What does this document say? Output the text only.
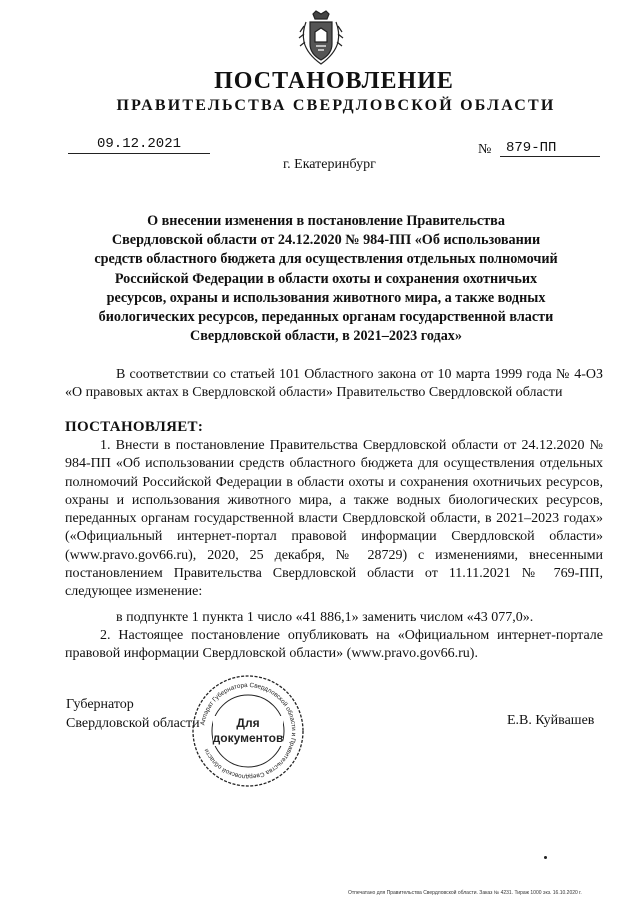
ПОСТАНОВЛЕНИЕ
ПРАВИТЕЛЬСТВА СВЕРДЛОВСКОЙ ОБЛАСТИ
09.12.2021	№	879-ПП
г. Екатеринбург
О внесении изменения в постановление Правительства
Свердловской области от 24.12.2020 № 984-ПП «Об использовании
средств областного бюджета для осуществления отдельных полномочий
Российской Федерации в области охоты и сохранения охотничьих
ресурсов, охраны и использования животного мира, а также водных
биологических ресурсов, переданных органам государственной власти
Свердловской области, в 2021–2023 годах»
В соответствии со статьей 101 Областного закона от 10 марта 1999 года № 4-ОЗ «О правовых актах в Свердловской области» Правительство Свердловской области
ПОСТАНОВЛЯЕТ:
1. Внести в постановление Правительства Свердловской области от 24.12.2020 № 984-ПП «Об использовании средств областного бюджета для осуществления отдельных полномочий Российской Федерации в области охоты и сохранения охотничьих ресурсов, охраны и использования животного мира, а также водных биологических ресурсов, переданных органам государственной власти Свердловской области, в 2021–2023 годах» («Официальный интернет-портал правовой информации Свердловской области» (www.pravo.gov66.ru), 2020, 25 декабря, № 28729) с изменениями, внесенными постановлением Правительства Свердловской области от 11.11.2021 № 769-ПП, следующее изменение:
в подпункте 1 пункта 1 число «41 886,1» заменить числом «43 077,0».
2. Настоящее постановление опубликовать на «Официальном интернет-портале правовой информации Свердловской области» (www.pravo.gov66.ru).
Губернатор
Свердловской области	Е.В. Куйвашев
Аппарат Губернатора Свердловской области и Правительства Свердловской области
Для
документов
Отпечатано для Правительства Свердловской области. Заказ № 4231. Тираж 1000 экз. 16.10.2020 г.
